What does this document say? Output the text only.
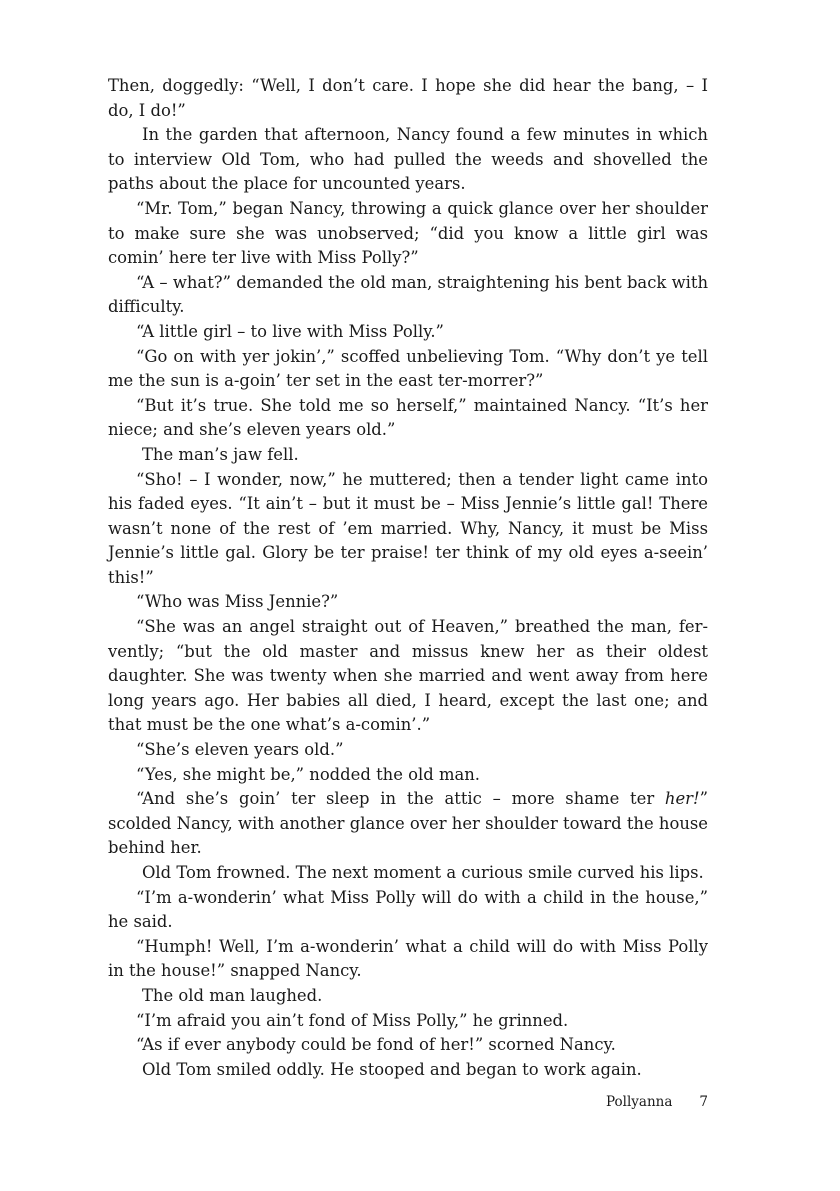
Then, doggedly: “Well, I don’t care. I hope she did hear the bang, – I do, I do!”

In the garden that afternoon, Nancy found a few minutes in which to interview Old Tom, who had pulled the weeds and shovelled the paths about the place for uncounted years.

“Mr. Tom,” began Nancy, throwing a quick glance over her shoulder to make sure she was unobserved; “did you know a little girl was comin’ here ter live with Miss Polly?”

“A – what?” demanded the old man, straightening his bent back with difficulty.

“A little girl – to live with Miss Polly.”

“Go on with yer jokin’,” scoffed unbelieving Tom. “Why don’t ye tell me the sun is a-goin’ ter set in the east ter-morrer?”

“But it’s true. She told me so herself,” maintained Nancy. “It’s her niece; and she’s eleven years old.”

The man’s jaw fell.

“Sho! – I wonder, now,” he muttered; then a tender light came into his faded eyes. “It ain’t – but it must be – Miss Jennie’s little gal! There wasn’t none of the rest of ’em married. Why, Nancy, it must be Miss Jennie’s little gal. Glory be ter praise! ter think of my old eyes a-seein’ this!”

“Who was Miss Jennie?”

“She was an angel straight out of Heaven,” breathed the man, fervently; “but the old master and missus knew her as their oldest daughter. She was twenty when she married and went away from here long years ago. Her babies all died, I heard, except the last one; and that must be the one what’s a-comin’.”

“She’s eleven years old.”

“Yes, she might be,” nodded the old man.

“And she’s goin’ ter sleep in the attic – more shame ter her!” scolded Nancy, with another glance over her shoulder toward the house behind her.

Old Tom frowned. The next moment a curious smile curved his lips.

“I’m a-wonderin’ what Miss Polly will do with a child in the house,” he said.

“Humph! Well, I’m a-wonderin’ what a child will do with Miss Polly in the house!” snapped Nancy.

The old man laughed.

“I’m afraid you ain’t fond of Miss Polly,” he grinned.

“As if ever anybody could be fond of her!” scorned Nancy.

Old Tom smiled oddly. He stooped and began to work again.

Pollyanna 7
